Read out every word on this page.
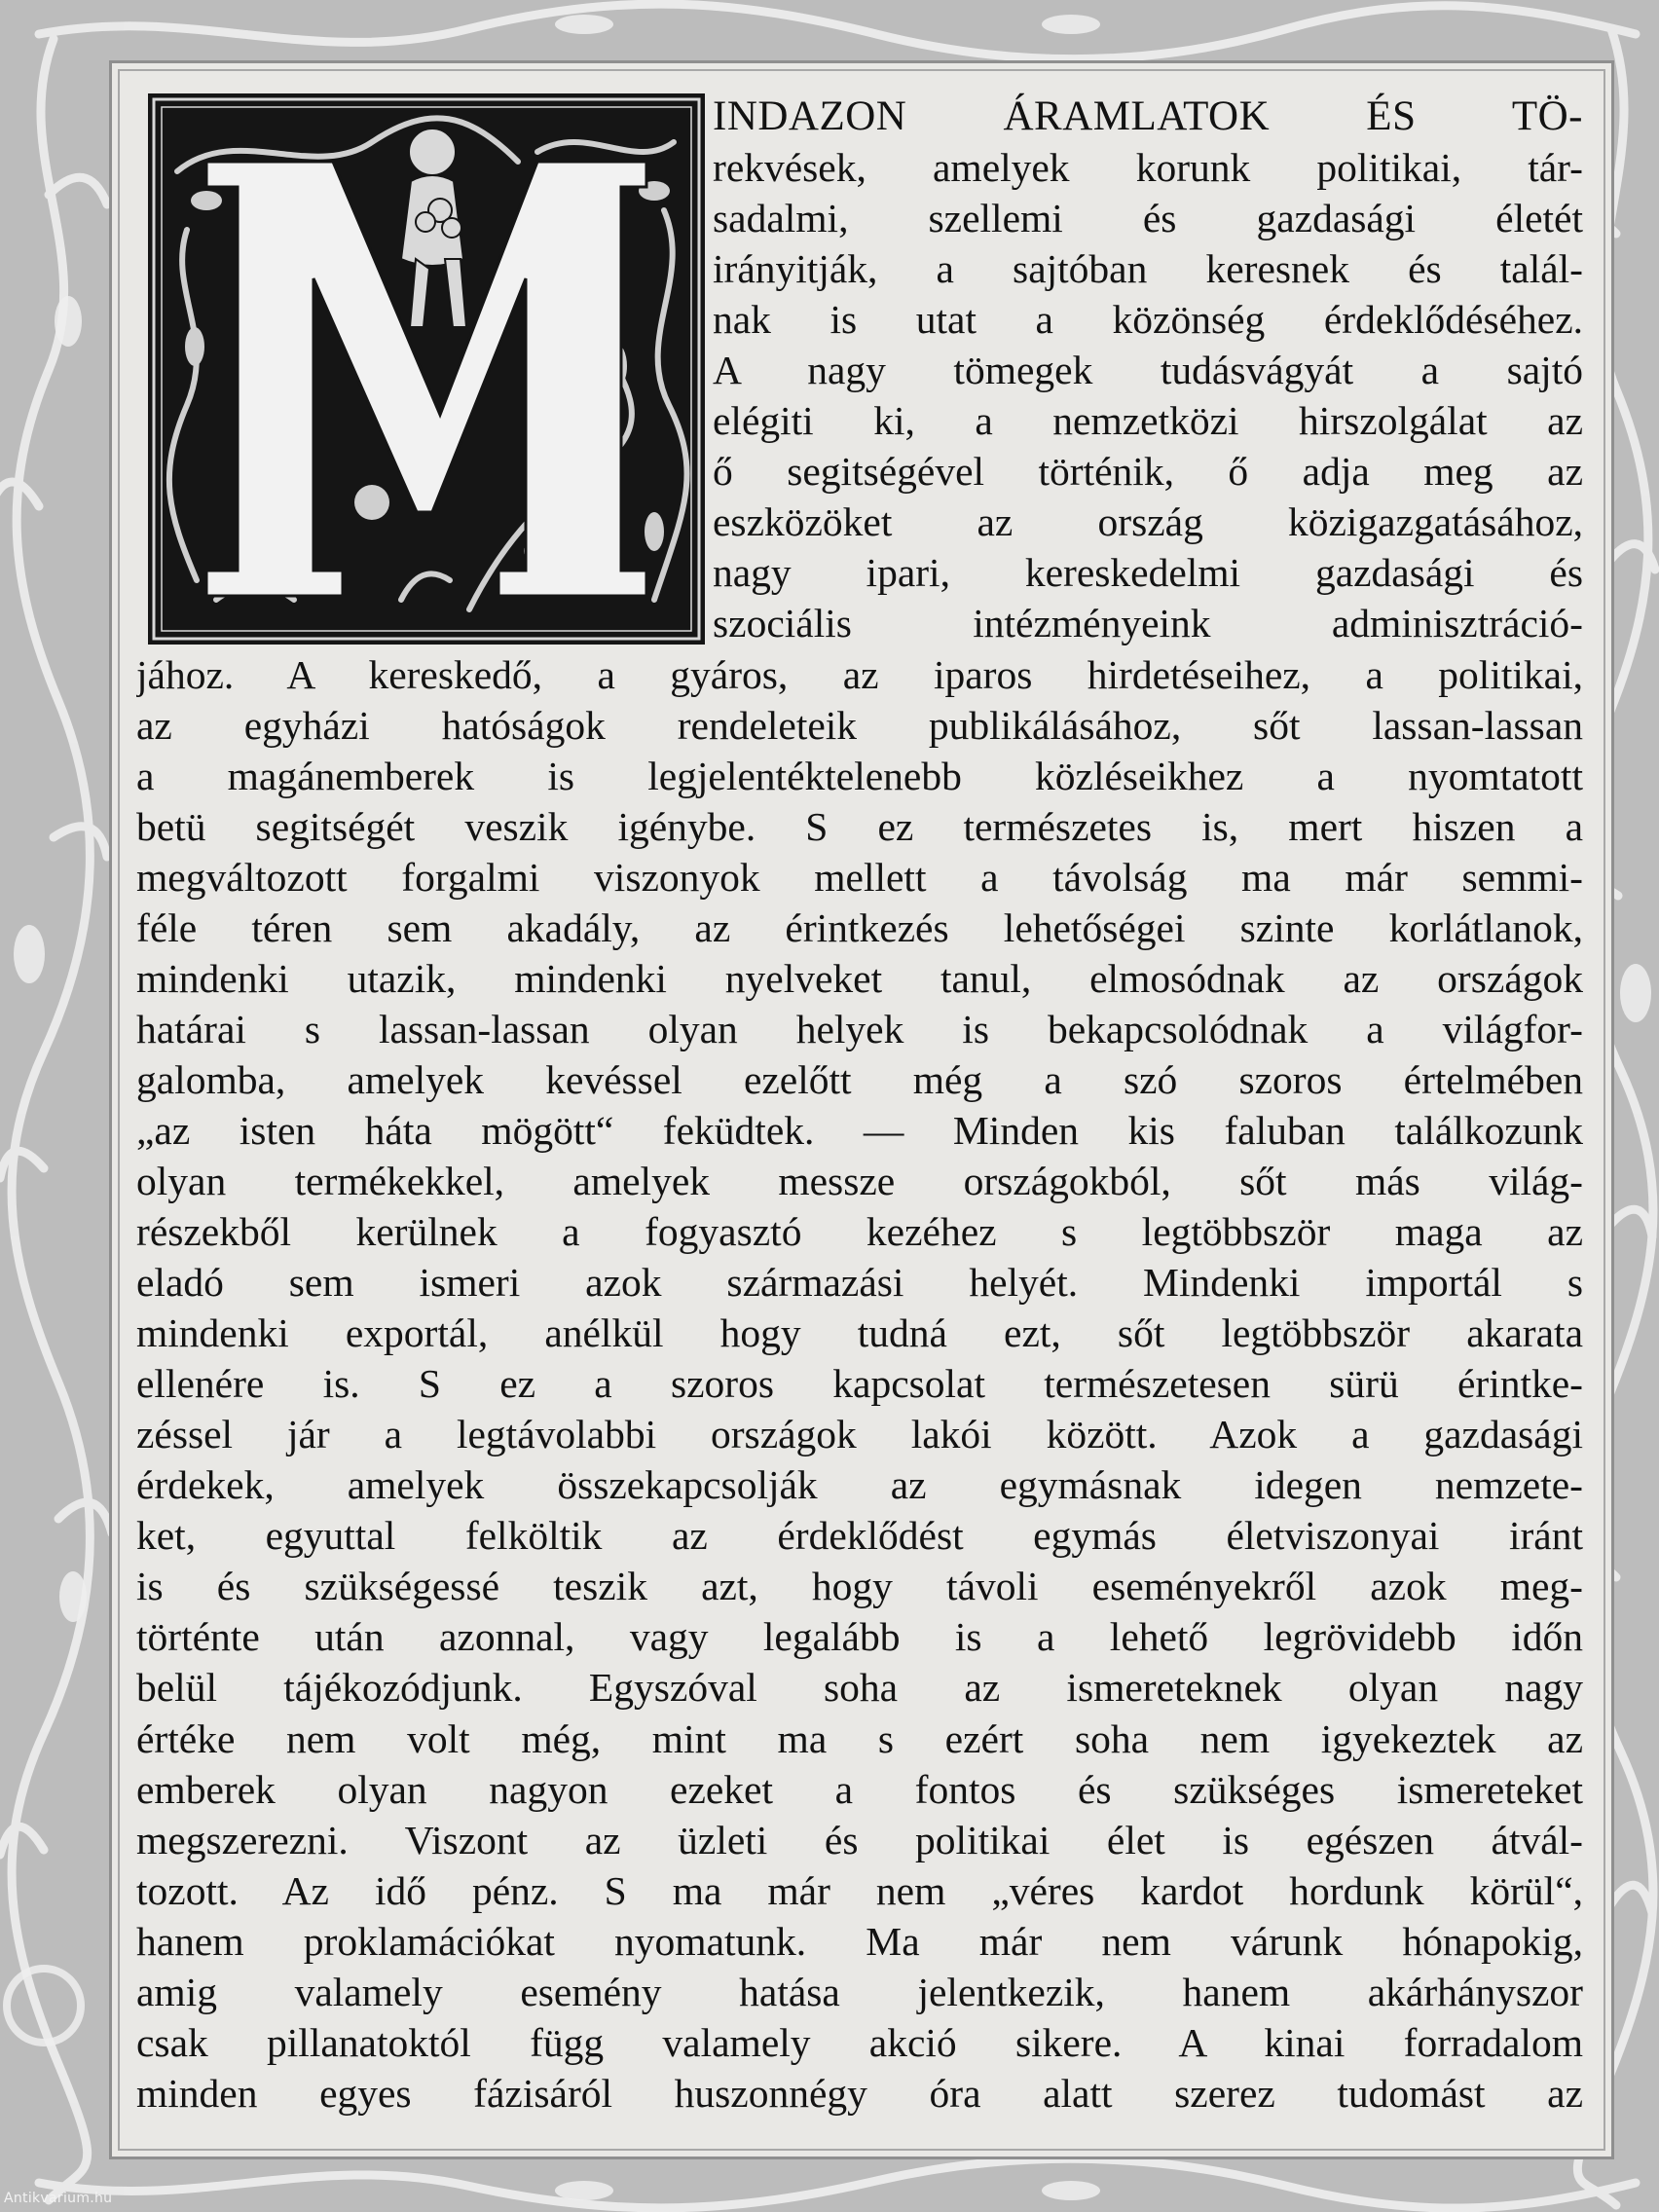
INDAZON ÁRAMLATOK ÉS TÖ-
rekvések, amelyek korunk politikai, tár-
sadalmi, szellemi és gazdasági életét
irányitják, a sajtóban keresnek és talál-
nak is utat a közönség érdeklődéséhez.
A nagy tömegek tudásvágyát a sajtó
elégiti ki, a nemzetközi hirszolgálat az
ő segitségével történik, ő adja meg az
eszközöket az ország közigazgatásához,
nagy ipari, kereskedelmi gazdasági és
szociális intézményeink adminisztráció-
jához. A kereskedő, a gyáros, az iparos hirdetéseihez, a politikai,
az egyházi hatóságok rendeleteik publikálásához, sőt lassan-lassan
a magánemberek is legjelentéktelenebb közléseikhez a nyomtatott
betü segitségét veszik igénybe. S ez természetes is, mert hiszen a
megváltozott forgalmi viszonyok mellett a távolság ma már semmi-
féle téren sem akadály, az érintkezés lehetőségei szinte korlátlanok,
mindenki utazik, mindenki nyelveket tanul, elmosódnak az országok
határai s lassan-lassan olyan helyek is bekapcsolódnak a világfor-
galomba, amelyek kevéssel ezelőtt még a szó szoros értelmében
„az isten háta mögött“ feküdtek. — Minden kis faluban találkozunk
olyan termékekkel, amelyek messze országokból, sőt más világ-
részekből kerülnek a fogyasztó kezéhez s legtöbbször maga az
eladó sem ismeri azok származási helyét. Mindenki importál s
mindenki exportál, anélkül hogy tudná ezt, sőt legtöbbször akarata
ellenére is. S ez a szoros kapcsolat természetesen sürü érintke-
zéssel jár a legtávolabbi országok lakói között. Azok a gazdasági
érdekek, amelyek összekapcsolják az egymásnak idegen nemzete-
ket, egyuttal felköltik az érdeklődést egymás életviszonyai iránt
is és szükségessé teszik azt, hogy távoli eseményekről azok meg-
történte után azonnal, vagy legalább is a lehető legrövidebb időn
belül tájékozódjunk. Egyszóval soha az ismereteknek olyan nagy
értéke nem volt még, mint ma s ezért soha nem igyekeztek az
emberek olyan nagyon ezeket a fontos és szükséges ismereteket
megszerezni. Viszont az üzleti és politikai élet is egészen átvál-
tozott. Az idő pénz. S ma már nem „véres kardot hordunk körül“,
hanem proklamációkat nyomatunk. Ma már nem várunk hónapokig,
amig valamely esemény hatása jelentkezik, hanem akárhányszor
csak pillanatoktól függ valamely akció sikere. A kinai forradalom
minden egyes fázisáról huszonnégy óra alatt szerez tudomást az
Antikvarium.hu
